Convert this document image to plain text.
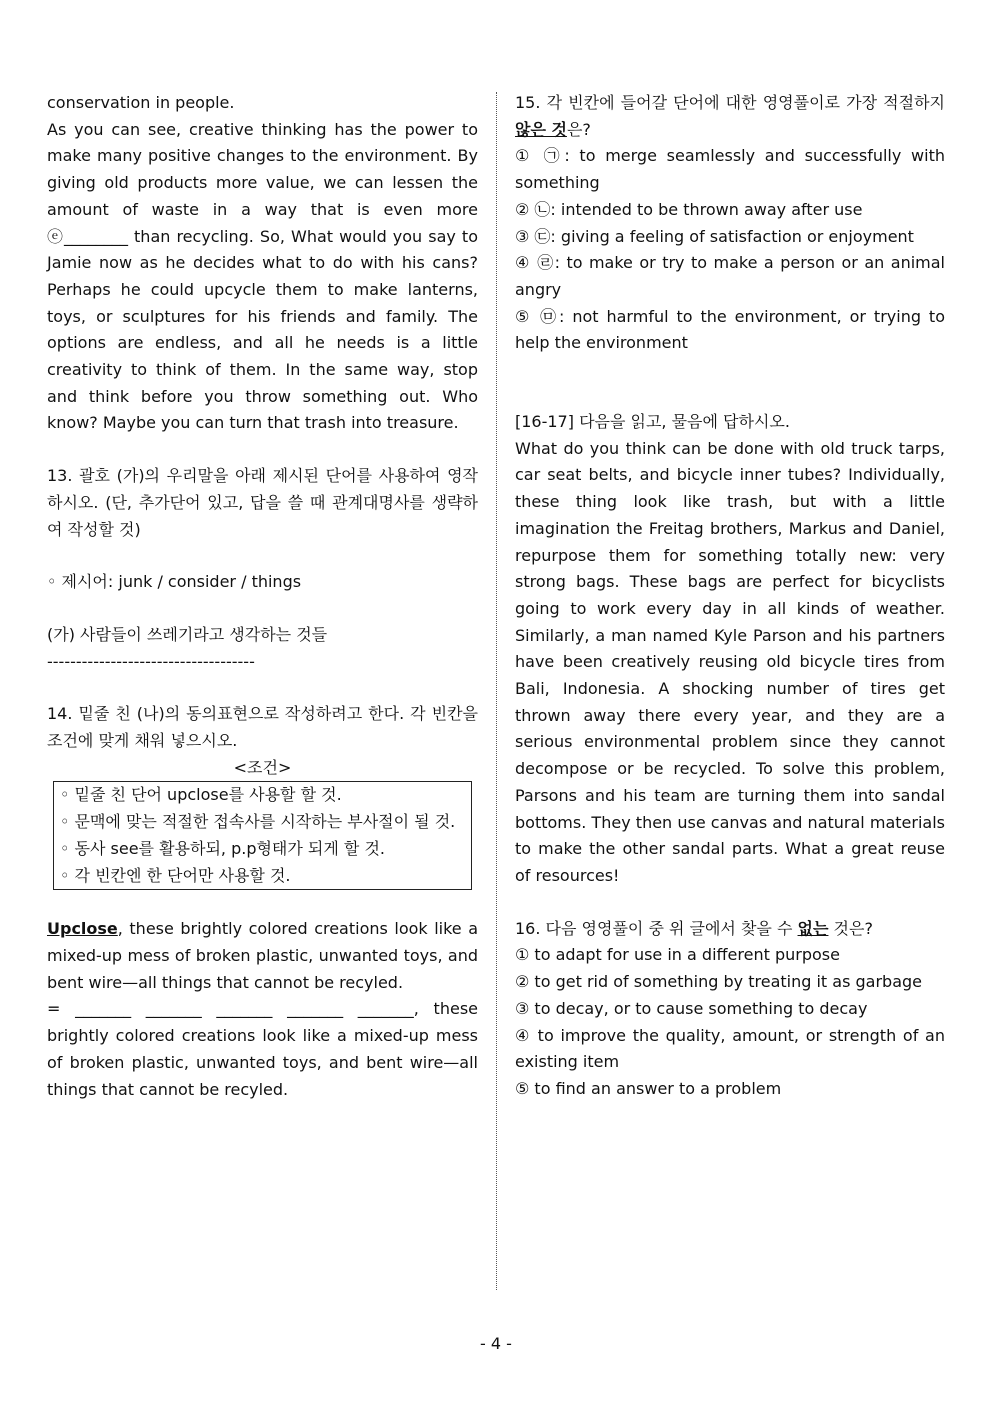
conservation in people.

As you can see, creative thinking has the power to make many positive changes to the environment. By giving old products more value, we can lessen the amount of waste in a way that is even more ⓔ________ than recycling. So, What would you say to Jamie now as he decides what to do with his cans? Perhaps he could upcycle them to make lanterns, toys, or sculptures for his friends and family. The options are endless, and all he needs is a little creativity to think of them. In the same way, stop and think before you throw something out. Who know? Maybe you can turn that trash into treasure.

13. 괄호 (가)의 우리말을 아래 제시된 단어를 사용하여 영작하시오. (단, 추가단어 있고, 답을 쓸 때 관계대명사를 생략하여 작성할 것)

◦ 제시어: junk / consider / things

(가) 사람들이 쓰레기라고 생각하는 것들

------------------------------------

14. 밑줄 친 (나)의 동의표현으로 작성하려고 한다. 각 빈칸을 조건에 맞게 채워 넣으시오.

<조건>

◦ 밑줄 친 단어 upclose를 사용할 할 것.

◦ 문맥에 맞는 적절한 접속사를 시작하는 부사절이 될 것.

◦ 동사 see를 활용하되, p.p형태가 되게 할 것.

◦ 각 빈칸엔 한 단어만 사용할 것.

Upclose, these brightly colored creations look like a mixed-up mess of broken plastic, unwanted toys, and bent wire—all things that cannot be recyled.

= _______ _______ _______ _______ _______, these brightly colored creations look like a mixed-up mess of broken plastic, unwanted toys, and bent wire—all things that cannot be recyled.

15. 각 빈칸에 들어갈 단어에 대한 영영풀이로 가장 적절하지 않은 것은?

① ㉠: to merge seamlessly and successfully with something

② ㉡: intended to be thrown away after use

③ ㉢: giving a feeling of satisfaction or enjoyment

④ ㉣: to make or try to make a person or an animal angry

⑤ ㉤: not harmful to the environment, or trying to help the environment

[16-17] 다음을 읽고, 물음에 답하시오.

What do you think can be done with old truck tarps, car seat belts, and bicycle inner tubes? Individually, these thing look like trash, but with a little imagination the Freitag brothers, Markus and Daniel, repurpose them for something totally new: very strong bags. These bags are perfect for bicyclists going to work every day in all kinds of weather. Similarly, a man named Kyle Parson and his partners have been creatively reusing old bicycle tires from Bali, Indonesia. A shocking number of tires get thrown away there every year, and they are a serious environmental problem since they cannot decompose or be recycled. To solve this problem, Parsons and his team are turning them into sandal bottoms. They then use canvas and natural materials to make the other sandal parts. What a great reuse of resources!

16. 다음 영영풀이 중 위 글에서 찾을 수 없는 것은?

① to adapt for use in a different purpose

② to get rid of something by treating it as garbage

③ to decay, or to cause something to decay

④ to improve the quality, amount, or strength of an existing item

⑤ to find an answer to a problem

- 4 -
